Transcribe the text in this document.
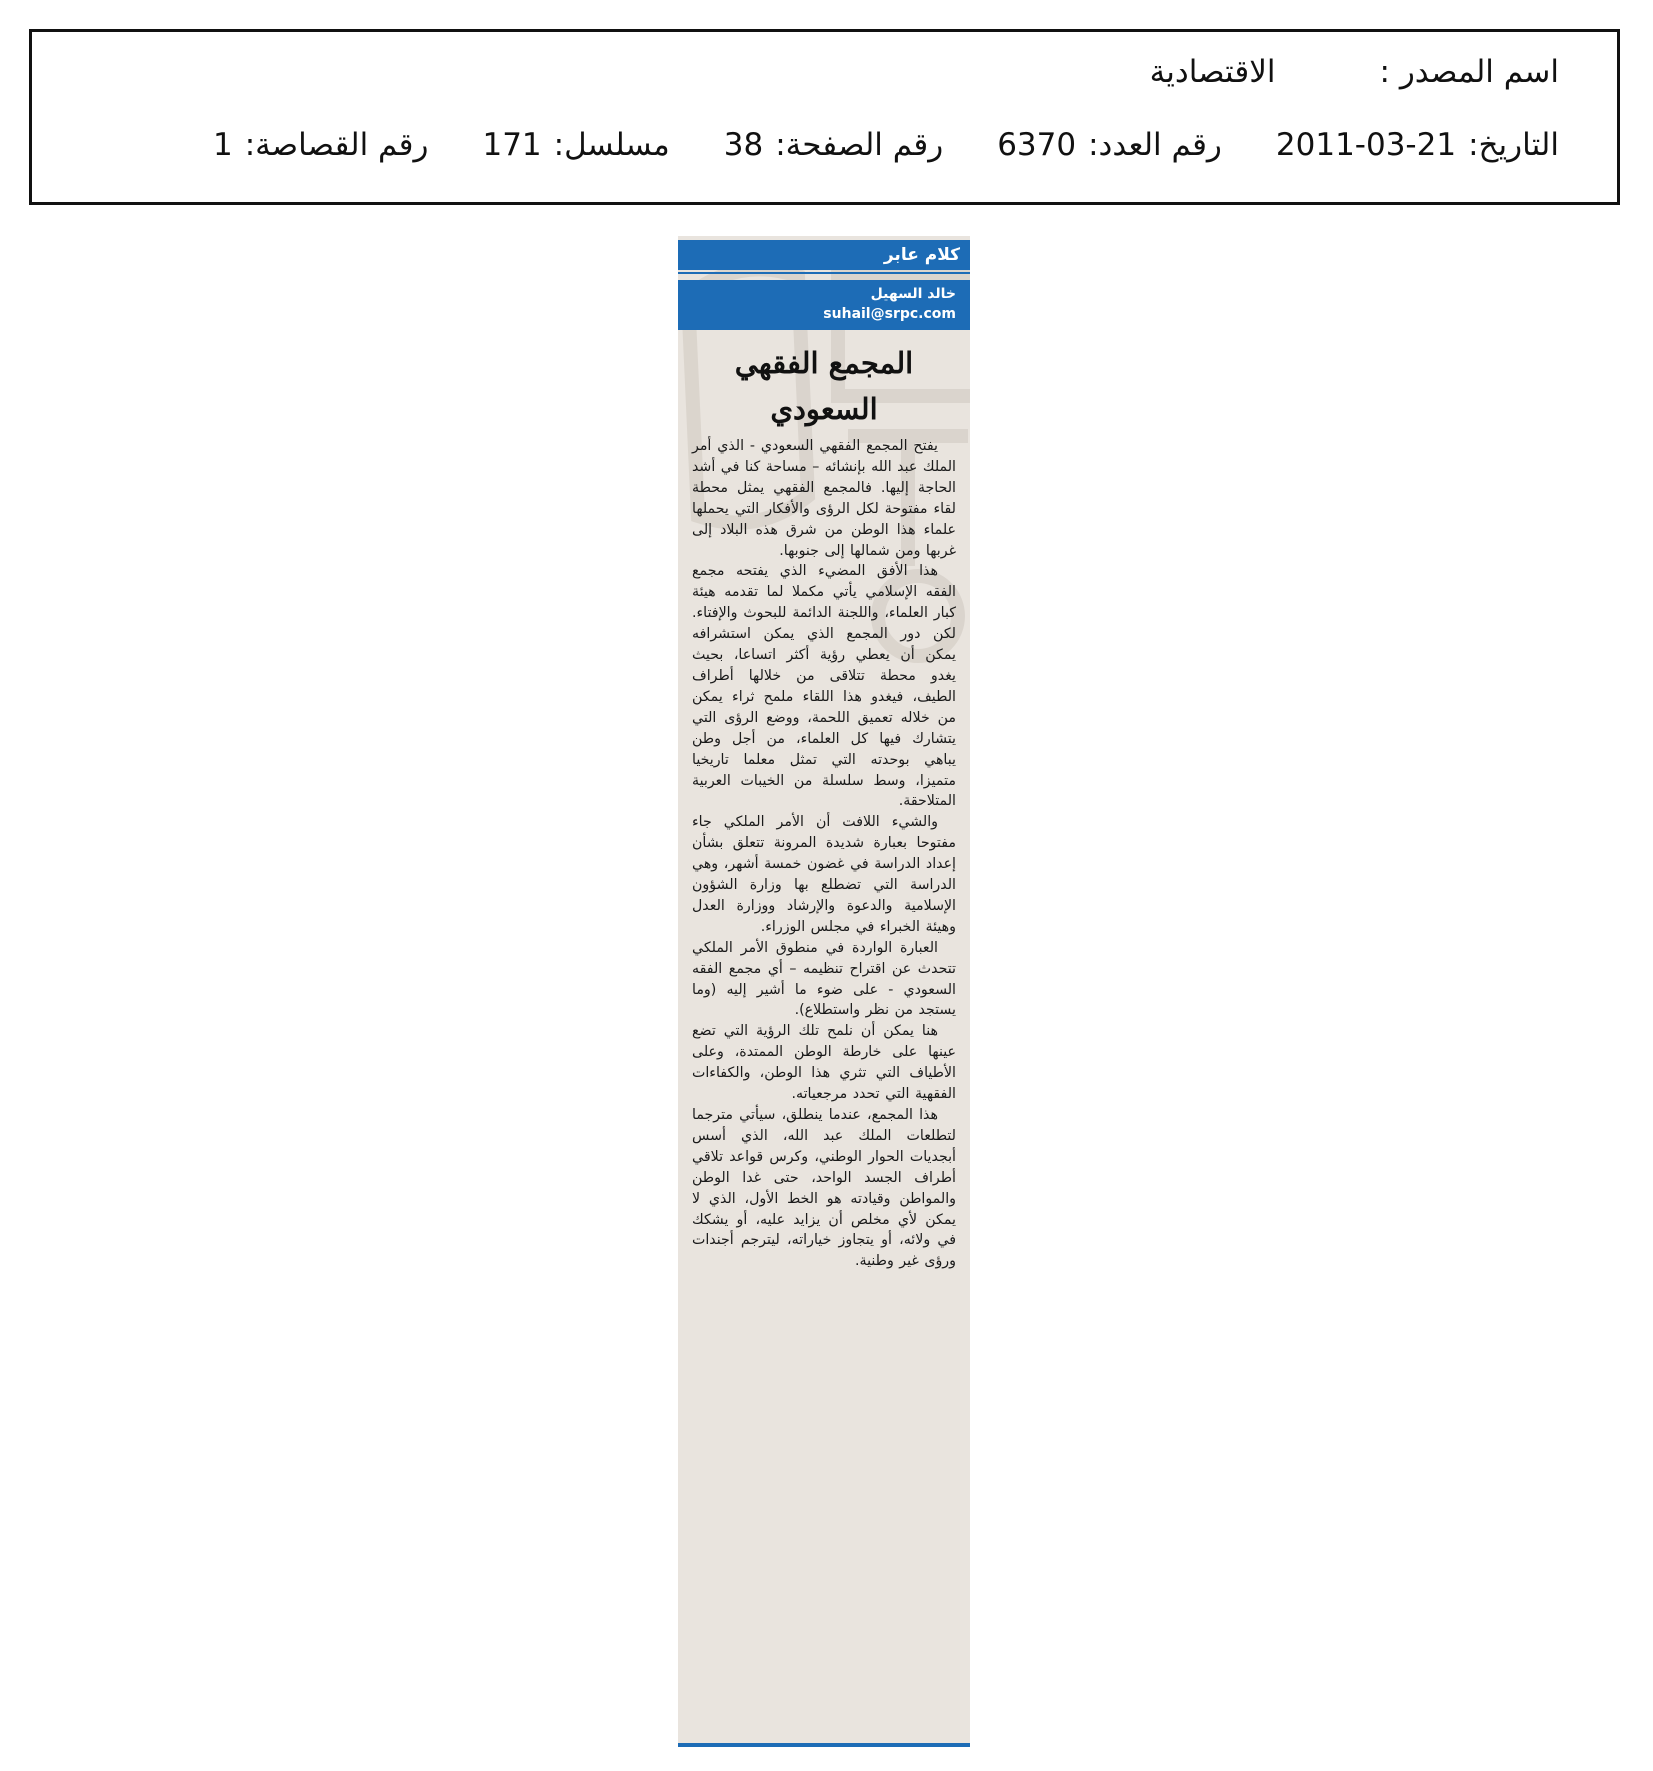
اسم المصدر :
الاقتصادية
التاريخ:
2011-03-21
رقم العدد:
6370
رقم الصفحة:
38
مسلسل:
171
رقم القصاصة:
1
كلام عابر
خالد السهيل
suhail@srpc.com
المجمع الفقهي
السعودي

يفتح المجمع الفقهي السعودي - الذي أمر الملك عبد الله بإنشائه – مساحة كنا في أشد الحاجة إليها. فالمجمع الفقهي يمثل محطة لقاء مفتوحة لكل الرؤى والأفكار التي يحملها علماء هذا الوطن من شرق هذه البلاد إلى غربها ومن شمالها إلى جنوبها.

هذا الأفق المضيء الذي يفتحه مجمع الفقه الإسلامي يأتي مكملا لما تقدمه هيئة كبار العلماء، واللجنة الدائمة للبحوث والإفتاء. لكن دور المجمع الذي يمكن استشرافه يمكن أن يعطي رؤية أكثر اتساعا، بحيث يغدو محطة تتلاقى من خلالها أطراف الطيف، فيغدو هذا اللقاء ملمح ثراء يمكن من خلاله تعميق اللحمة، ووضع الرؤى التي يتشارك فيها كل العلماء، من أجل وطن يباهي بوحدته التي تمثل معلما تاريخيا متميزا، وسط سلسلة من الخيبات العربية المتلاحقة.

والشيء اللافت أن الأمر الملكي جاء مفتوحا بعبارة شديدة المرونة تتعلق بشأن إعداد الدراسة في غضون خمسة أشهر، وهي الدراسة التي تضطلع بها وزارة الشؤون الإسلامية والدعوة والإرشاد ووزارة العدل وهيئة الخبراء في مجلس الوزراء.

العبارة الواردة في منطوق الأمر الملكي تتحدث عن اقتراح تنظيمه – أي مجمع الفقه السعودي - على ضوء ما أشير إليه (وما يستجد من نظر واستطلاع).

هنا يمكن أن نلمح تلك الرؤية التي تضع عينها على خارطة الوطن الممتدة، وعلى الأطياف التي تثري هذا الوطن، والكفاءات الفقهية التي تحدد مرجعياته.

هذا المجمع، عندما ينطلق، سيأتي مترجما لتطلعات الملك عبد الله، الذي أسس أبجديات الحوار الوطني، وكرس قواعد تلاقي أطراف الجسد الواحد، حتى غدا الوطن والمواطن وقيادته هو الخط الأول، الذي لا يمكن لأي مخلص أن يزايد عليه، أو يشكك في ولائه، أو يتجاوز خياراته، ليترجم أجندات ورؤى غير وطنية.
